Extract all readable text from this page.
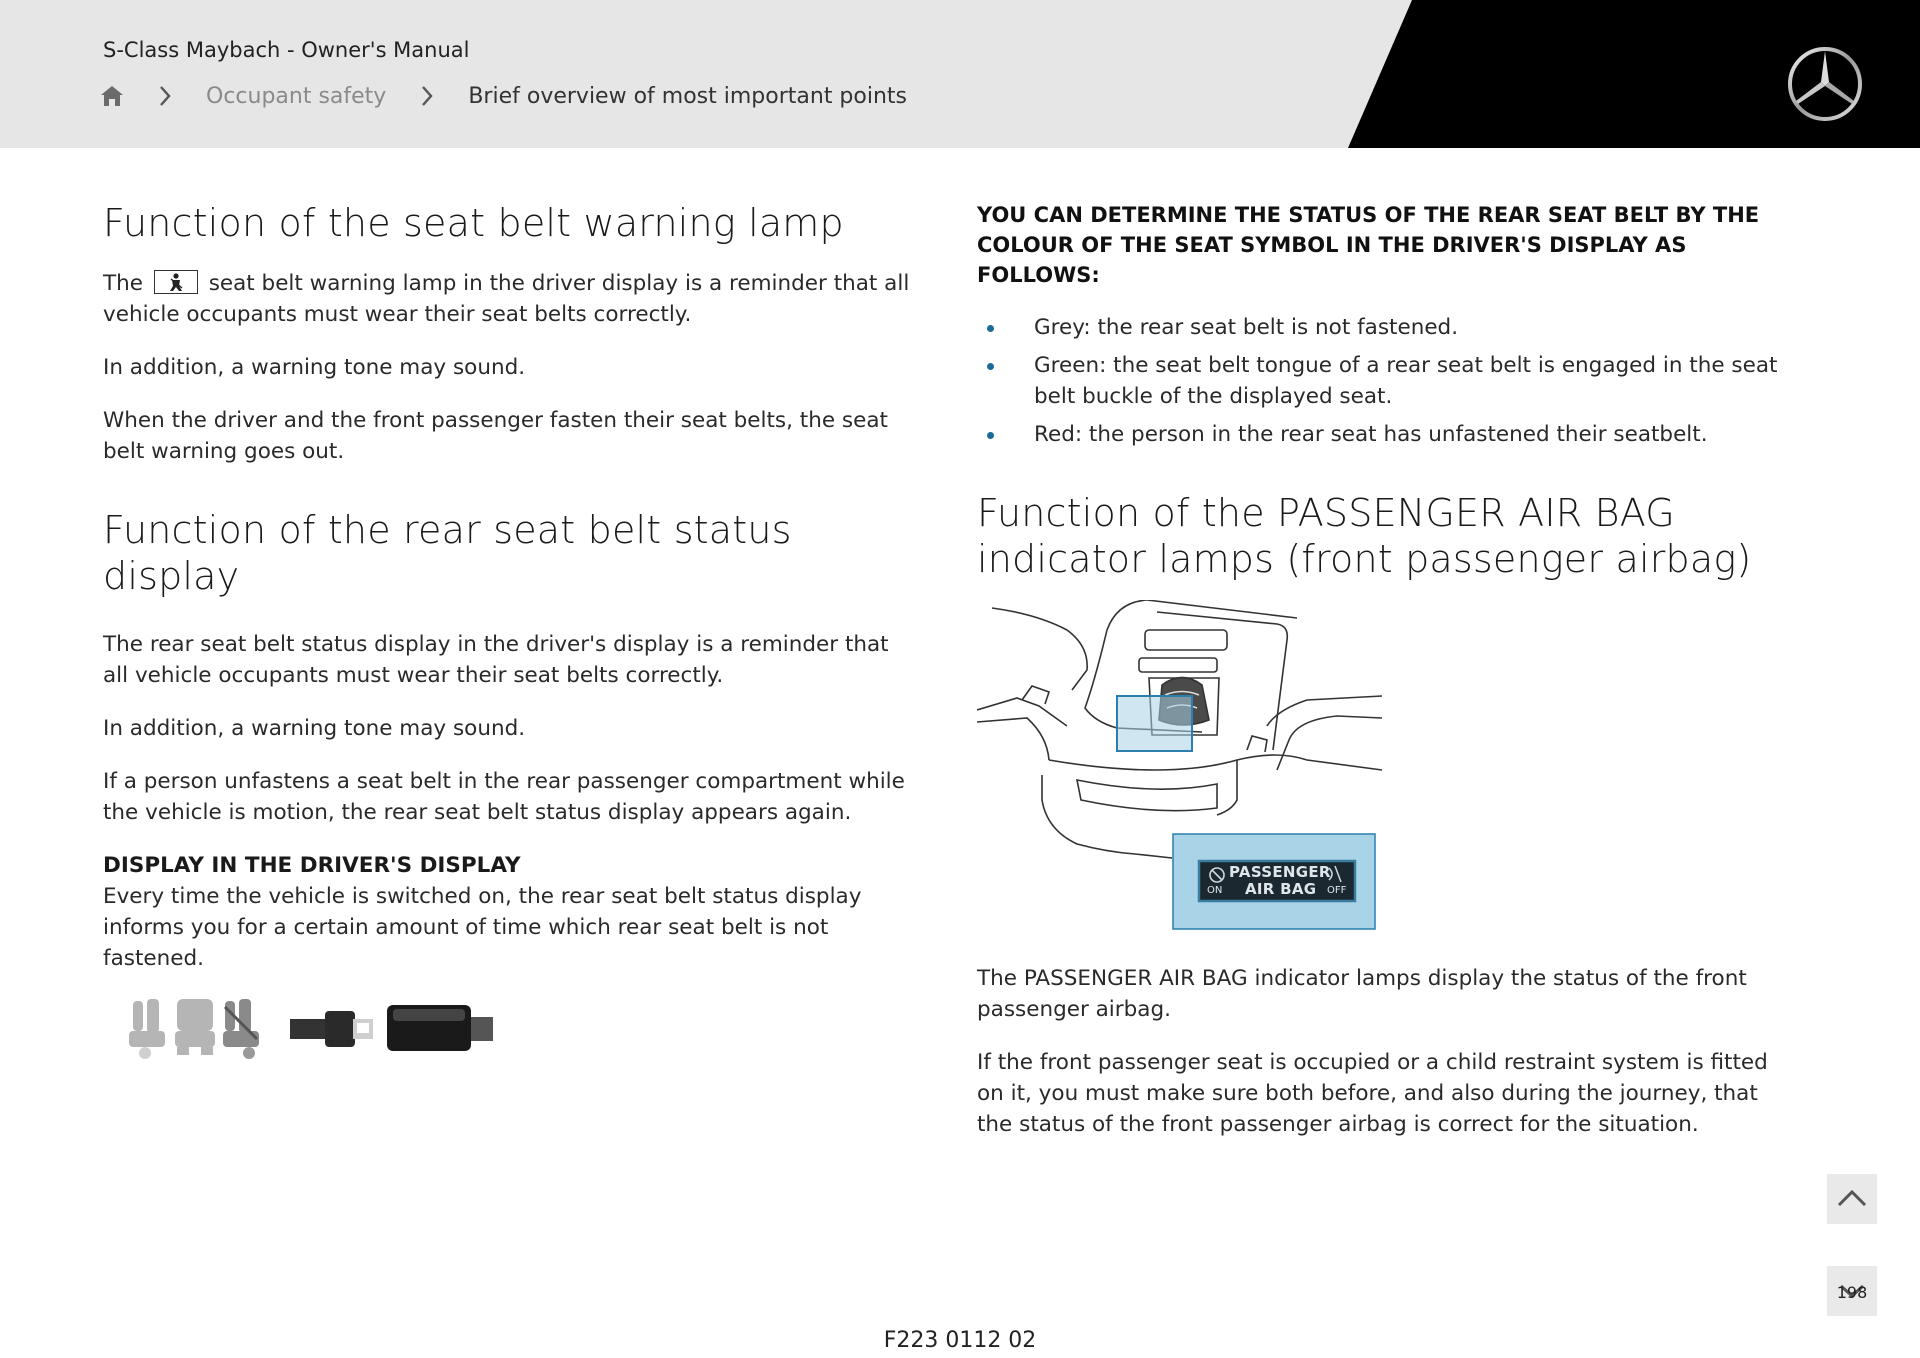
S-Class Maybach - Owner's Manual
Occupant safety	Brief overview of most important points
Function of the seat belt warning lamp

The	seat belt warning lamp in the driver display is a reminder that all vehicle occupants must wear their seat belts correctly.

In addition, a warning tone may sound.

When the driver and the front passenger fasten their seat belts, the seat belt warning goes out.

Function of the rear seat belt status display

The rear seat belt status display in the driver's display is a reminder that all vehicle occupants must wear their seat belts correctly.

In addition, a warning tone may sound.

If a person unfastens a seat belt in the rear passenger compartment while the vehicle is motion, the rear seat belt status display appears again.

DISPLAY IN THE DRIVER'S DISPLAY

Every time the vehicle is switched on, the rear seat belt status display informs you for a certain amount of time which rear seat belt is not fastened.

YOU CAN DETERMINE THE STATUS OF THE REAR SEAT BELT BY THE COLOUR OF THE SEAT SYMBOL IN THE DRIVER'S DISPLAY AS FOLLOWS:
Grey: the rear seat belt is not fastened.
Green: the seat belt tongue of a rear seat belt is engaged in the seat belt buckle of the displayed seat.
Red: the person in the rear seat has unfastened their seatbelt.
Function of the PASSENGER AIR BAG indicator lamps (front passenger airbag)
PASSENGER
AIR BAG
ON	OFF

The PASSENGER AIR BAG indicator lamps display the status of the front passenger airbag.

If the front passenger seat is occupied or a child restraint system is fitted on it, you must make sure both before, and also during the journey, that the status of the front passenger airbag is correct for the situation.

198
F223 0112 02
